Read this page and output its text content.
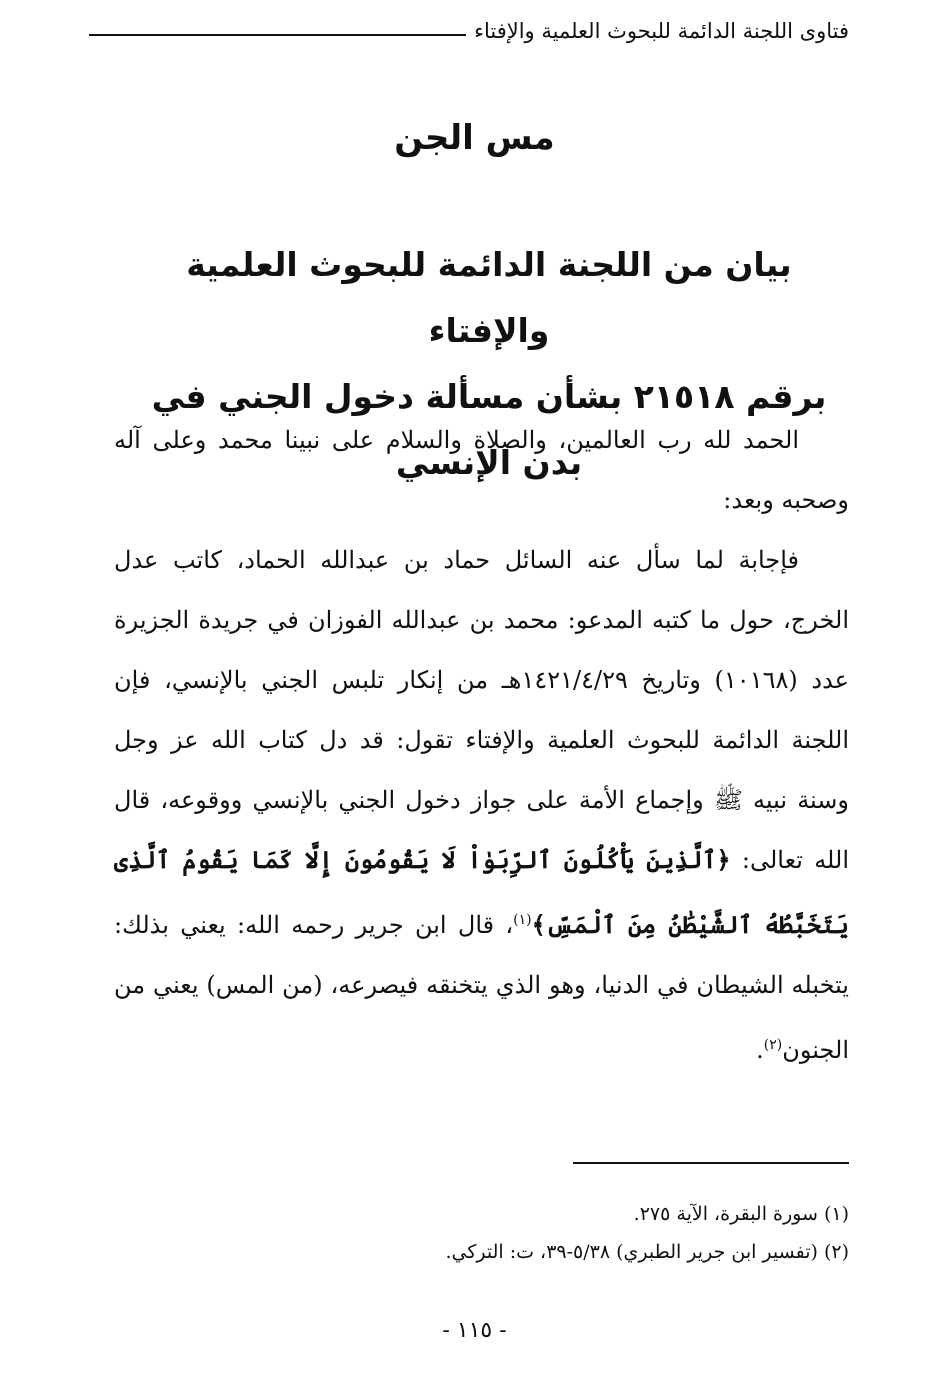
فتاوى اللجنة الدائمة للبحوث العلمية والإفتاء
مس الجن
بيان من اللجنة الدائمة للبحوث العلمية والإفتاء
برقم ٢١٥١٨ بشأن مسألة دخول الجني في بدن الإنسي

الحمد لله رب العالمين، والصلاة والسلام على نبينا محمد وعلى آله وصحبه وبعد:

فإجابة لما سأل عنه السائل حماد بن عبدالله الحماد، كاتب عدل الخرج، حول ما كتبه المدعو: محمد بن عبدالله الفوزان في جريدة الجزيرة عدد (١٠١٦٨) وتاريخ ١٤٢١/٤/٢٩هـ من إنكار تلبس الجني بالإنسي، فإن اللجنة الدائمة للبحوث العلمية والإفتاء تقول: قد دل كتاب الله عز وجل وسنة نبيه ﷺ وإجماع الأمة على جواز دخول الجني بالإنسي ووقوعه، قال الله تعالى: ﴿ٱلَّذِينَ يَأْكُلُونَ ٱلرِّبَوٰاْ لَا يَقُومُونَ إِلَّا كَمَا يَقُومُ ٱلَّذِى يَتَخَبَّطُهُ ٱلشَّيْطَٰنُ مِنَ ٱلْمَسِّ﴾$^{(١)}$، قال ابن جرير رحمه الله: يعني بذلك: يتخبله الشيطان في الدنيا، وهو الذي يتخنقه فيصرعه، (من المس) يعني من الجنون$^{(٢)}$.

(١) سورة البقرة، الآية ٢٧٥.
(٢) (تفسير ابن جرير الطبري) ٥/٣٨-٣٩، ت: التركي.
- ١١٥ -
